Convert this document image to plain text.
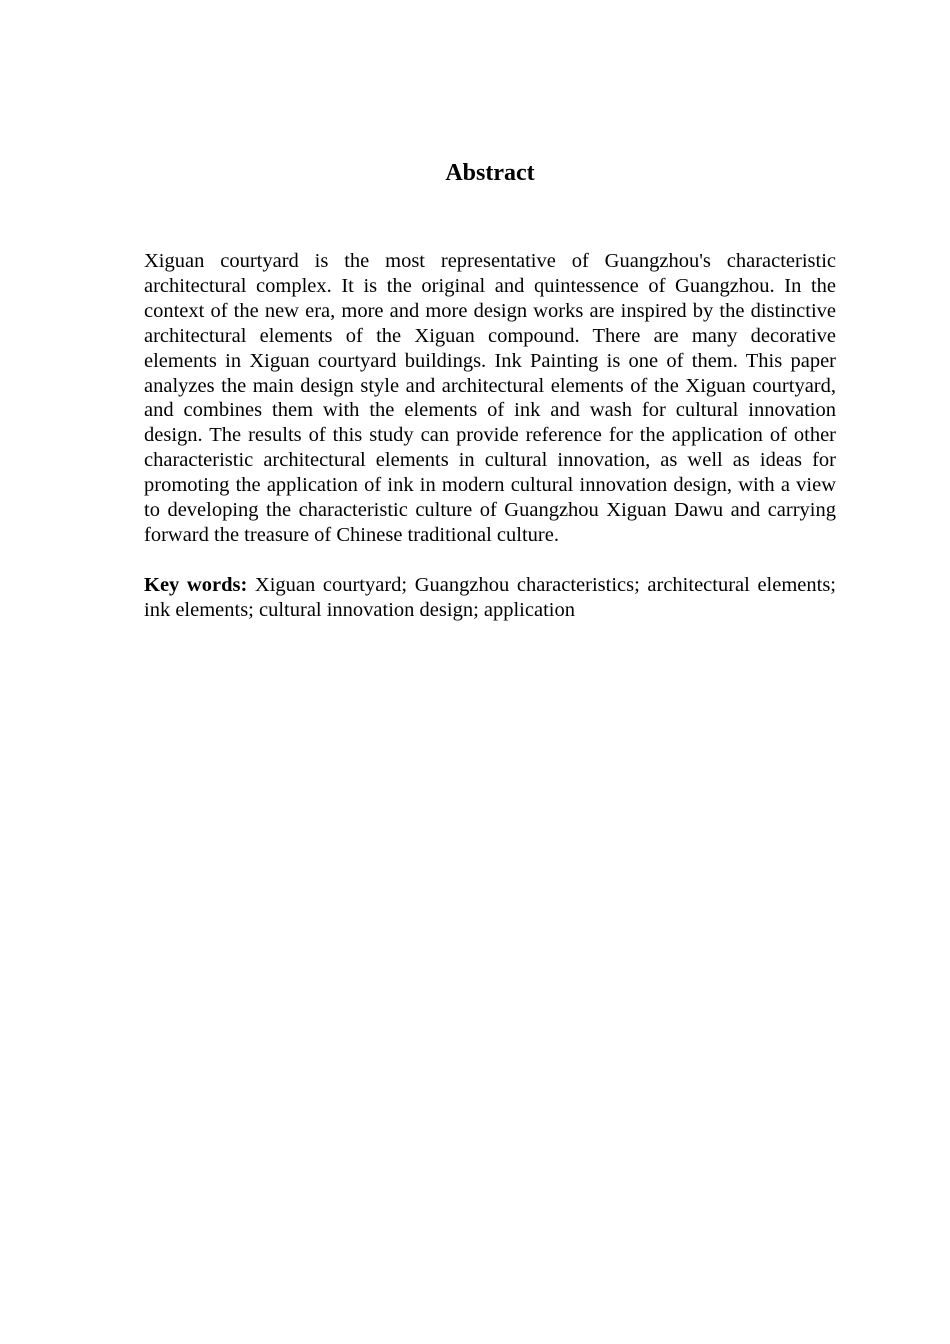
Abstract

Xiguan courtyard is the most representative of Guangzhou's characteristic architectural complex. It is the original and quintessence of Guangzhou. In the context of the new era, more and more design works are inspired by the distinctive architectural elements of the Xiguan compound. There are many decorative elements in Xiguan courtyard buildings. Ink Painting is one of them. This paper analyzes the main design style and architectural elements of the Xiguan courtyard, and combines them with the elements of ink and wash for cultural innovation design. The results of this study can provide reference for the application of other characteristic architectural elements in cultural innovation, as well as ideas for promoting the application of ink in modern cultural innovation design, with a view to developing the characteristic culture of Guangzhou Xiguan Dawu and carrying forward the treasure of Chinese traditional culture.

Key words: Xiguan courtyard; Guangzhou characteristics; architectural elements; ink elements; cultural innovation design; application
